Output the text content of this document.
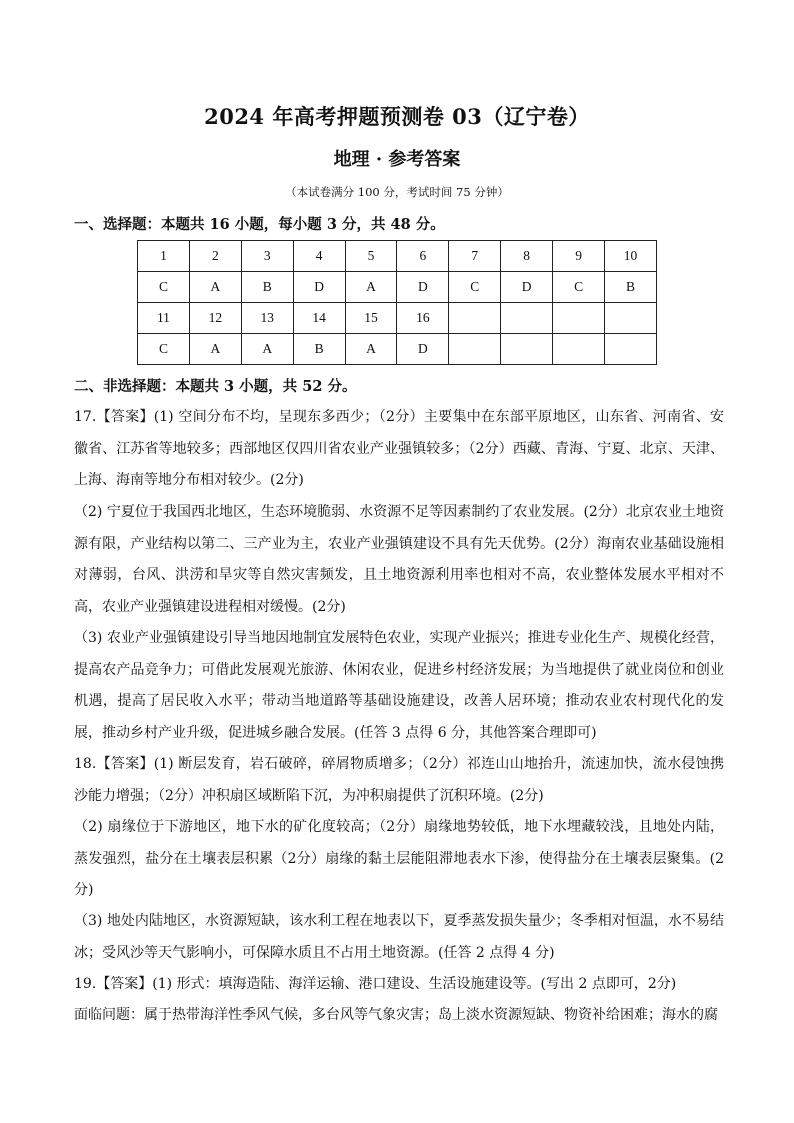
2024 年高考押题预测卷 03（辽宁卷）
地理 · 参考答案
（本试卷满分 100 分，考试时间 75 分钟）
一、选择题：本题共 16 小题，每小题 3 分，共 48 分。
1	2	3	4	5	6	7	8	9	10
C	A	B	D	A	D	C	D	C	B
11	12	13	14	15	16				
C	A	A	B	A	D				
二、非选择题：本题共 3 小题，共 52 分。
17.【答案】(1) 空间分布不均，呈现东多西少；（2分）主要集中在东部平原地区，山东省、河南省、安徽省、江苏省等地较多；西部地区仅四川省农业产业强镇较多；（2分）西藏、青海、宁夏、北京、天津、上海、海南等地分布相对较少。(2分)
（2) 宁夏位于我国西北地区，生态环境脆弱、水资源不足等因素制约了农业发展。(2分）北京农业土地资源有限，产业结构以第二、三产业为主，农业产业强镇建设不具有先天优势。(2分）海南农业基础设施相对薄弱，台风、洪涝和旱灾等自然灾害频发，且土地资源利用率也相对不高，农业整体发展水平相对不高，农业产业强镇建设进程相对缓慢。(2分)
（3) 农业产业强镇建设引导当地因地制宜发展特色农业，实现产业振兴；推进专业化生产、规模化经营，提高农产品竞争力；可借此发展观光旅游、休闲农业，促进乡村经济发展；为当地提供了就业岗位和创业机遇，提高了居民收入水平；带动当地道路等基础设施建设，改善人居环境；推动农业农村现代化的发展，推动乡村产业升级，促进城乡融合发展。(任答 3 点得 6 分，其他答案合理即可)
18.【答案】(1) 断层发育，岩石破碎，碎屑物质增多；（2分）祁连山山地抬升，流速加快，流水侵蚀携沙能力增强；（2分）冲积扇区域断陷下沉，为冲积扇提供了沉积环境。(2分)
（2) 扇缘位于下游地区，地下水的矿化度较高；（2分）扇缘地势较低，地下水埋藏较浅，且地处内陆，蒸发强烈，盐分在土壤表层积累（2分）扇缘的黏土层能阻滞地表水下渗，使得盐分在土壤表层聚集。(2分)
（3) 地处内陆地区，水资源短缺，该水利工程在地表以下，夏季蒸发损失量少；冬季相对恒温，水不易结冰；受风沙等天气影响小，可保障水质且不占用土地资源。(任答 2 点得 4 分)
19.【答案】(1) 形式：填海造陆、海洋运输、港口建设、生活设施建设等。(写出 2 点即可，2分)
面临问题：属于热带海洋性季风气候，多台风等气象灾害；岛上淡水资源短缺、物资补给困难；海水的腐
